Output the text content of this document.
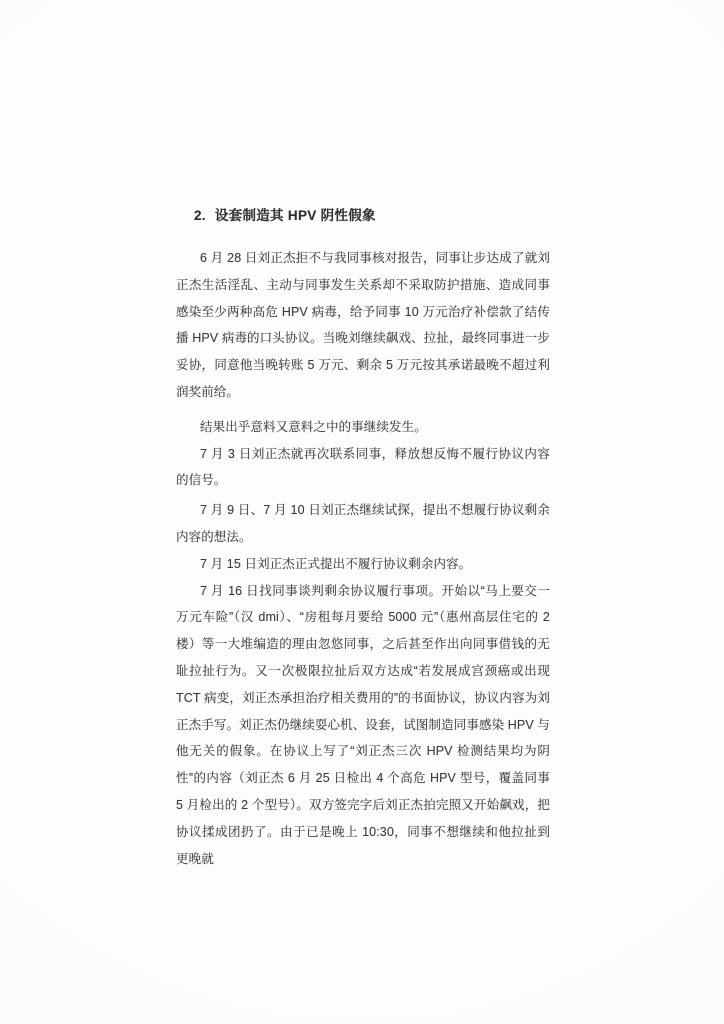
2. 设套制造其 HPV 阴性假象

6 月 28 日刘正杰拒不与我同事核对报告，同事让步达成了就刘正杰生活淫乱、主动与同事发生关系却不采取防护措施、造成同事感染至少两种高危 HPV 病毒，给予同事 10 万元治疗补偿款了结传播 HPV 病毒的口头协议。当晚刘继续飙戏、拉扯，最终同事进一步妥协，同意他当晚转账 5 万元、剩余 5 万元按其承诺最晚不超过利润奖前给。

结果出乎意料又意料之中的事继续发生。

7 月 3 日刘正杰就再次联系同事，释放想反悔不履行协议内容的信号。

7 月 9 日、7 月 10 日刘正杰继续试探，提出不想履行协议剩余内容的想法。

7 月 15 日刘正杰正式提出不履行协议剩余内容。

7 月 16 日找同事谈判剩余协议履行事项。开始以“马上要交一万元车险”（汉 dmi）、“房租每月要给 5000 元”（惠州高层住宅的 2 楼）等一大堆编造的理由忽悠同事，之后甚至作出向同事借钱的无耻拉扯行为。又一次极限拉扯后双方达成“若发展成宫颈癌或出现 TCT 病变，刘正杰承担治疗相关费用的”的书面协议，协议内容为刘正杰手写。刘正杰仍继续耍心机、设套，试图制造同事感染 HPV 与他无关的假象。在协议上写了“刘正杰三次 HPV 检测结果均为阴性”的内容（刘正杰 6 月 25 日检出 4 个高危 HPV 型号，覆盖同事 5 月检出的 2 个型号）。双方签完字后刘正杰拍完照又开始飙戏，把协议揉成团扔了。由于已是晚上 10:30，同事不想继续和他拉扯到更晚就
